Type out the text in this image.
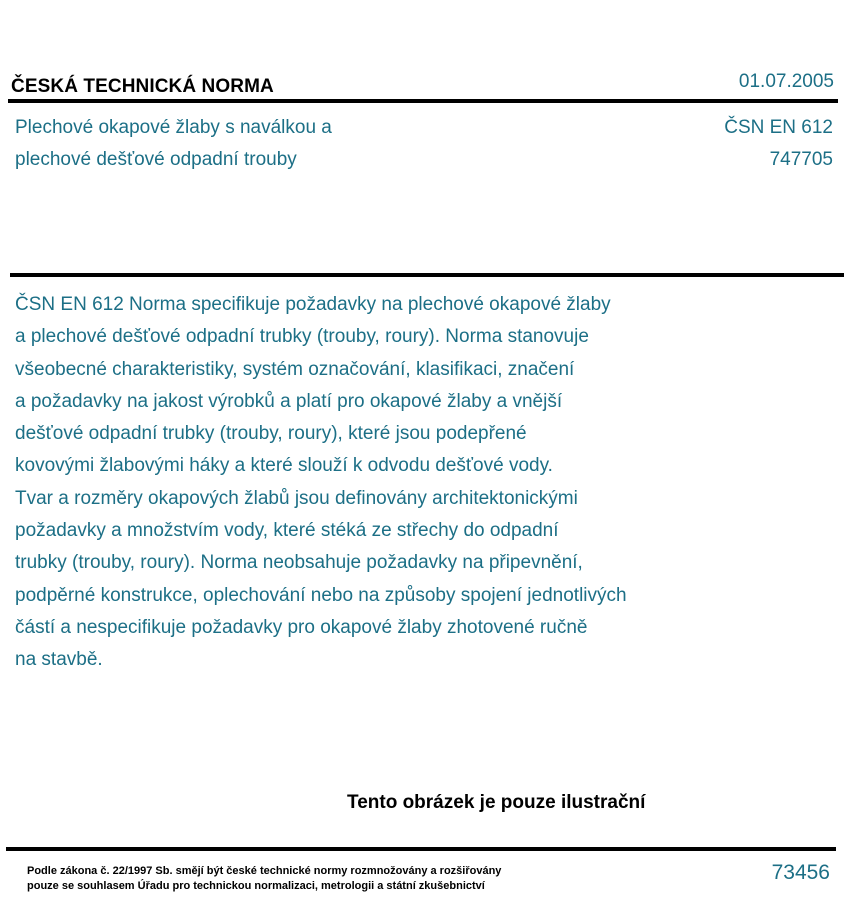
ČESKÁ TECHNICKÁ NORMA	01.07.2005
Plechové okapové žlaby s naválkou a
plechové dešťové odpadní trouby
ČSN EN 612
747705
ČSN EN 612 Norma specifikuje požadavky na plechové okapové žlaby
a plechové dešťové odpadní trubky (trouby, roury). Norma stanovuje
všeobecné charakteristiky, systém označování, klasifikaci, značení
a požadavky na jakost výrobků a platí pro okapové žlaby a vnější
dešťové odpadní trubky (trouby, roury), které jsou podepřené
kovovými žlabovými háky a které slouží k odvodu dešťové vody.
Tvar a rozměry okapových žlabů jsou definovány architektonickými
požadavky a množstvím vody, které stéká ze střechy do odpadní
trubky (trouby, roury). Norma neobsahuje požadavky na připevnění,
podpěrné konstrukce, oplechování nebo na způsoby spojení jednotlivých
částí a nespecifikuje požadavky pro okapové žlaby zhotovené ručně
na stavbě.
Tento obrázek je pouze ilustrační
Podle zákona č. 22/1997 Sb. smějí být české technické normy rozmnožovány a rozšiřovány
pouze se souhlasem Úřadu pro technickou normalizaci, metrologii a státní zkušebnictví
73456
